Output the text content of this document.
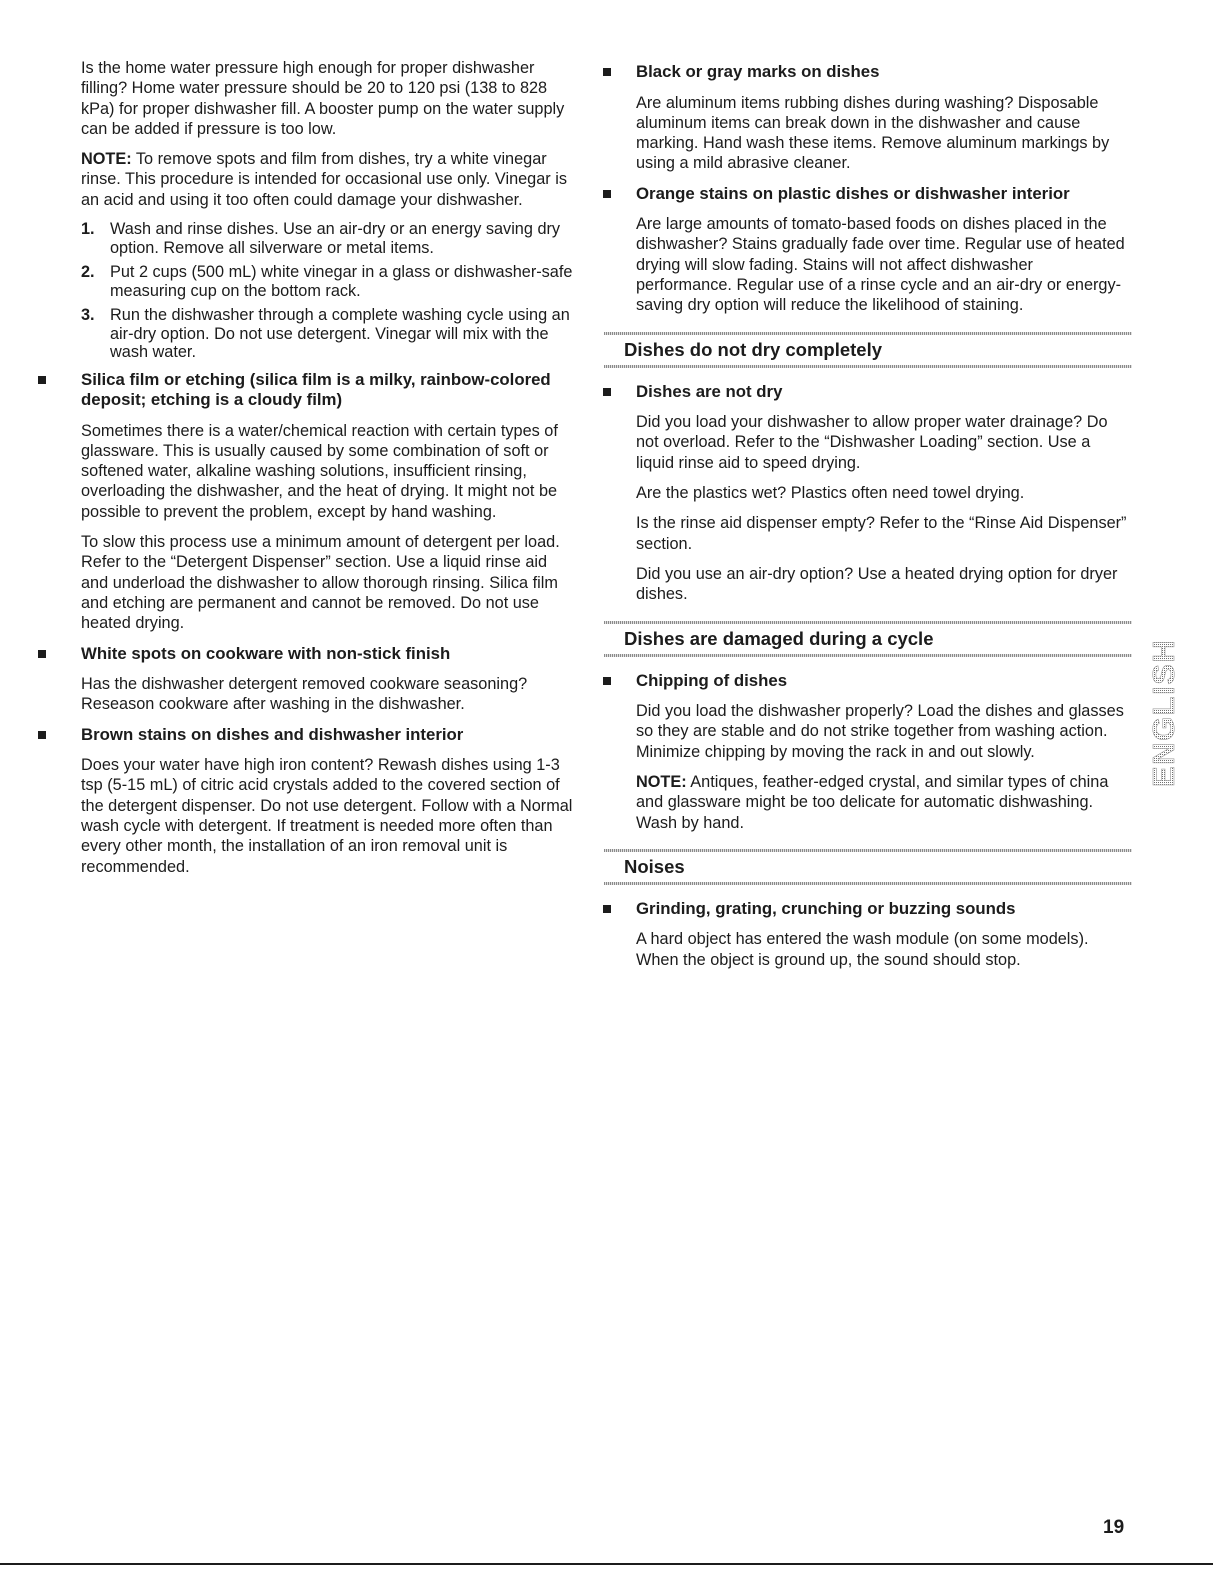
Is the home water pressure high enough for proper dishwasher filling? Home water pressure should be 20 to 120 psi (138 to 828 kPa) for proper dishwasher fill. A booster pump on the water supply can be added if pressure is too low.

NOTE: To remove spots and film from dishes, try a white vinegar rinse. This procedure is intended for occasional use only. Vinegar is an acid and using it too often could damage your dishwasher.

1. Wash and rinse dishes. Use an air-dry or an energy saving dry option. Remove all silverware or metal items.
2. Put 2 cups (500 mL) white vinegar in a glass or dishwasher-safe measuring cup on the bottom rack.
3. Run the dishwasher through a complete washing cycle using an air-dry option. Do not use detergent. Vinegar will mix with the wash water.
Silica film or etching (silica film is a milky, rainbow-colored deposit; etching is a cloudy film)

Sometimes there is a water/chemical reaction with certain types of glassware. This is usually caused by some combination of soft or softened water, alkaline washing solutions, insufficient rinsing, overloading the dishwasher, and the heat of drying. It might not be possible to prevent the problem, except by hand washing.

To slow this process use a minimum amount of detergent per load. Refer to the “Detergent Dispenser” section. Use a liquid rinse aid and underload the dishwasher to allow thorough rinsing. Silica film and etching are permanent and cannot be removed. Do not use heated drying.

White spots on cookware with non-stick finish

Has the dishwasher detergent removed cookware seasoning? Reseason cookware after washing in the dishwasher.

Brown stains on dishes and dishwasher interior

Does your water have high iron content? Rewash dishes using 1-3 tsp (5-15 mL) of citric acid crystals added to the covered section of the detergent dispenser. Do not use detergent. Follow with a Normal wash cycle with detergent. If treatment is needed more often than every other month, the installation of an iron removal unit is recommended.

Black or gray marks on dishes

Are aluminum items rubbing dishes during washing? Disposable aluminum items can break down in the dishwasher and cause marking. Hand wash these items. Remove aluminum markings by using a mild abrasive cleaner.

Orange stains on plastic dishes or dishwasher interior

Are large amounts of tomato-based foods on dishes placed in the dishwasher? Stains gradually fade over time. Regular use of heated drying will slow fading. Stains will not affect dishwasher performance. Regular use of a rinse cycle and an air-dry or energy-saving dry option will reduce the likelihood of staining.

Dishes do not dry completely
Dishes are not dry

Did you load your dishwasher to allow proper water drainage? Do not overload. Refer to the “Dishwasher Loading” section. Use a liquid rinse aid to speed drying.

Are the plastics wet? Plastics often need towel drying.

Is the rinse aid dispenser empty? Refer to the “Rinse Aid Dispenser” section.

Did you use an air-dry option? Use a heated drying option for dryer dishes.

Dishes are damaged during a cycle
Chipping of dishes

Did you load the dishwasher properly? Load the dishes and glasses so they are stable and do not strike together from washing action. Minimize chipping by moving the rack in and out slowly.

NOTE: Antiques, feather-edged crystal, and similar types of china and glassware might be too delicate for automatic dishwashing. Wash by hand.

Noises
Grinding, grating, crunching or buzzing sounds

A hard object has entered the wash module (on some models). When the object is ground up, the sound should stop.

ENGLISH
19
